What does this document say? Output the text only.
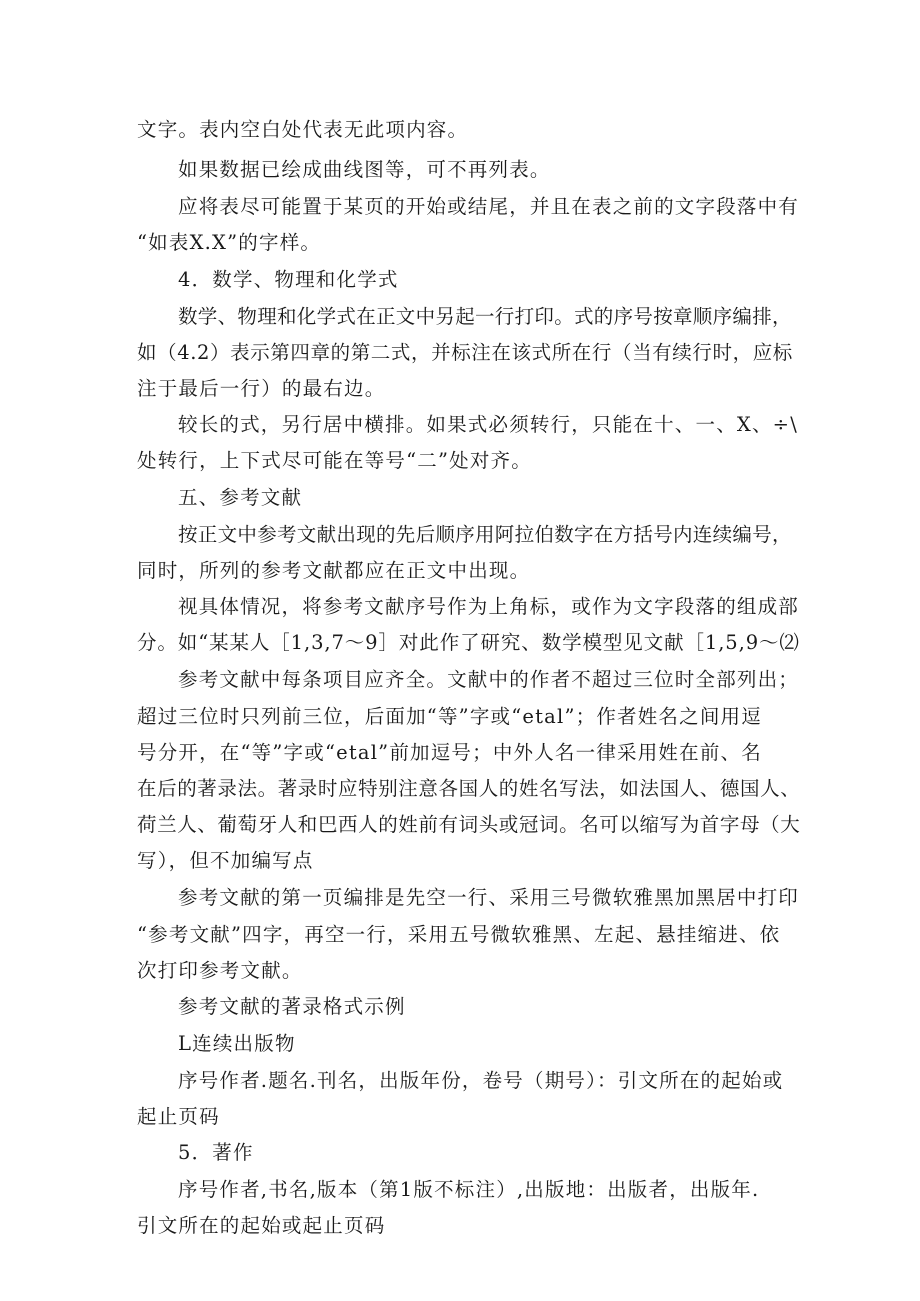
文字。表内空白处代表无此项内容。
如果数据已绘成曲线图等，可不再列表。
应将表尽可能置于某页的开始或结尾，并且在表之前的文字段落中有
“如表X.X”的字样。
4．数学、物理和化学式
数学、物理和化学式在正文中另起一行打印。式的序号按章顺序编排，
如（4.2）表示第四章的第二式，并标注在该式所在行（当有续行时，应标
注于最后一行）的最右边。
较长的式，另行居中横排。如果式必须转行，只能在十、一、X、÷\
处转行，上下式尽可能在等号“二”处对齐。
五、参考文献
按正文中参考文献出现的先后顺序用阿拉伯数字在方括号内连续编号，
同时，所列的参考文献都应在正文中出现。
视具体情况，将参考文献序号作为上角标，或作为文字段落的组成部
分。如“某某人［1,3,7〜9］对此作了研究、数学模型见文献［1,5,9〜⑵
参考文献中每条项目应齐全。文献中的作者不超过三位时全部列出；
超过三位时只列前三位，后面加“等”字或“etal”；作者姓名之间用逗
号分开，在“等”字或“etal”前加逗号；中外人名一律采用姓在前、名
在后的著录法。著录时应特别注意各国人的姓名写法，如法国人、德国人、
荷兰人、葡萄牙人和巴西人的姓前有词头或冠词。名可以缩写为首字母（大
写），但不加编写点
参考文献的第一页编排是先空一行、采用三号微软雅黑加黑居中打印
“参考文献”四字，再空一行，采用五号微软雅黑、左起、悬挂缩进、依
次打印参考文献。
参考文献的著录格式示例
L连续出版物
序号作者.题名.刊名，出版年份，卷号（期号）：引文所在的起始或
起止页码
5．著作
序号作者,书名,版本（第1版不标注）,出版地：出版者，出版年.
引文所在的起始或起止页码
